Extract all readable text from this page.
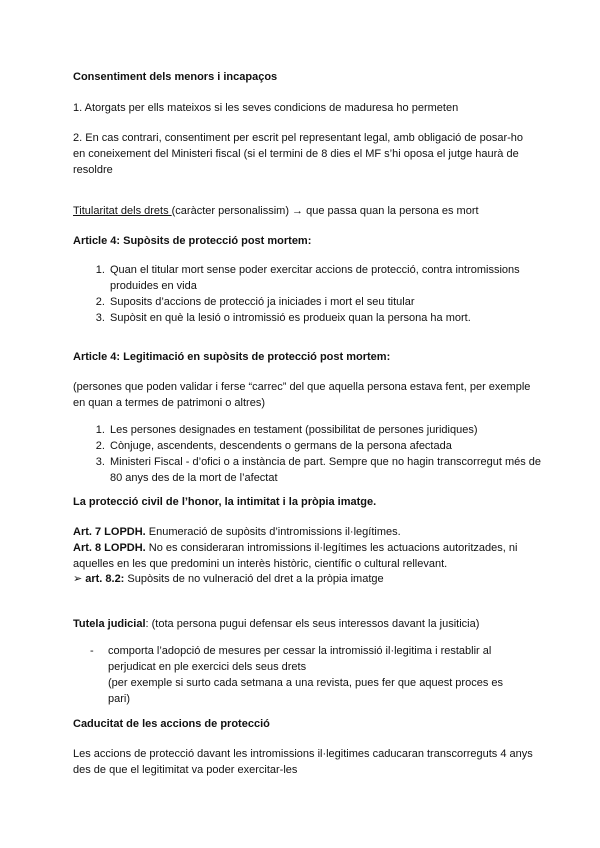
Consentiment dels menors i incapaços

1. Atorgats per ells mateixos si les seves condicions de maduresa ho permeten

2. En cas contrari, consentiment per escrit pel representant legal, amb obligació de posar-ho en coneixement del Ministeri fiscal (si el termini de 8 dies el MF s’hi oposa el jutge haurà de resoldre

Titularitat dels drets (caràcter personalissim) → que passa quan la persona es mort

Article 4: Supòsits de protecció post mortem:

1. Quan el titular mort sense poder exercitar accions de protecció, contra intromissions produides en vida
2. Suposits d’accions de protecció ja iniciades i mort el seu titular
3. Supòsit en què la lesió o intromissió es produeix quan la persona ha mort.

Article 4: Legitimació en supòsits de protecció post mortem:

(persones que poden validar i ferse “carrec” del que aquella persona estava fent, per exemple en quan a termes de patrimoni o altres)

1. Les persones designades en testament (possibilitat de persones juridiques)
2. Cònjuge, ascendents, descendents o germans de la persona afectada
3. Ministeri Fiscal - d’ofici o a instància de part. Sempre que no hagin transcorregut més de 80 anys des de la mort de l’afectat

La protecció civil de l’honor, la intimitat i la pròpia imatge.

Art. 7 LOPDH. Enumeració de supòsits d’intromissions il·legítimes.

Art. 8 LOPDH. No es consideraran intromissions il·legítimes les actuacions autoritzades, ni aquelles en les que predomini un interès històric, científic o cultural rellevant.

➢ art. 8.2: Supòsits de no vulneració del dret a la pròpia imatge

Tutela judicial: (tota persona pugui defensar els seus interessos davant la jusiticia)

- comporta l’adopció de mesures per cessar la intromissió il·legitima i restablir al perjudicat en ple exercici dels seus drets
(per exemple si surto cada setmana a una revista, pues fer que aquest proces es pari)

Caducitat de les accions de protecció

Les accions de protecció davant les intromissions il·legitimes caducaran transcorreguts 4 anys des de que el legitimitat va poder exercitar-les
